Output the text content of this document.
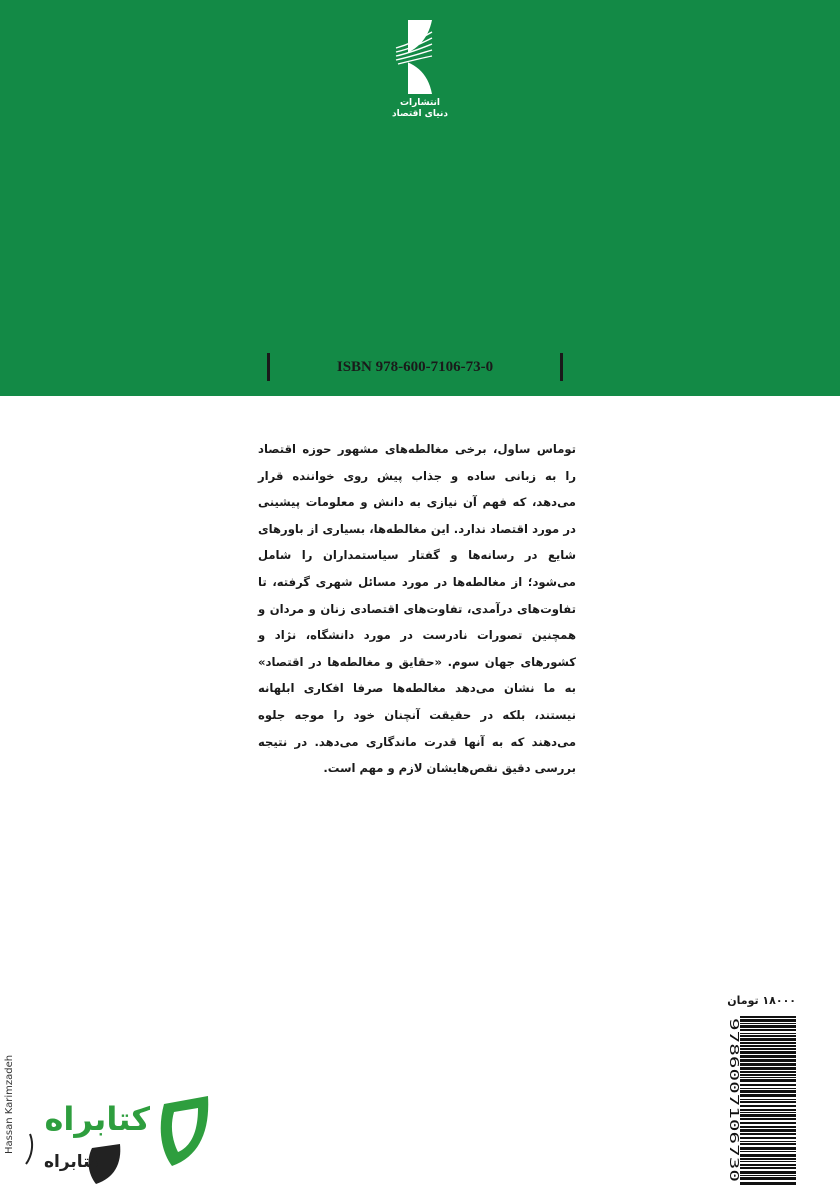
انتشارات
دنیای اقتصاد
ISBN 978-600-7106-73-0

توماس ساول، برخی مغالطه‌های مشهور حوزه اقتصاد را به زبانی ساده و جذاب پیش روی خواننده قرار می‌دهد، که فهم آن نیازی به دانش و معلومات پیشینی در مورد اقتصاد ندارد. این مغالطه‌ها، بسیاری از باورهای شایع در رسانه‌ها و گفتار سیاستمداران را شامل می‌شود؛ از مغالطه‌ها در مورد مسائل شهری گرفته، تا تفاوت‌های درآمدی، تفاوت‌های اقتصادی زنان و مردان و همچنین تصورات نادرست در مورد دانشگاه، نژاد و کشورهای جهان سوم. «حقایق و مغالطه‌ها در اقتصاد» به ما نشان می‌دهد مغالطه‌ها صرفا افکاری ابلهانه نیستند، بلکه در حقیقت آنچنان خود را موجه جلوه می‌دهند که به آنها قدرت ماندگاری می‌دهد. در نتیجه بررسی دقیق نقص‌هایشان لازم و مهم است.

۱۸۰۰۰ تومان
9786007106730
Hassan Karimzadeh کتابراه
کتابراه
